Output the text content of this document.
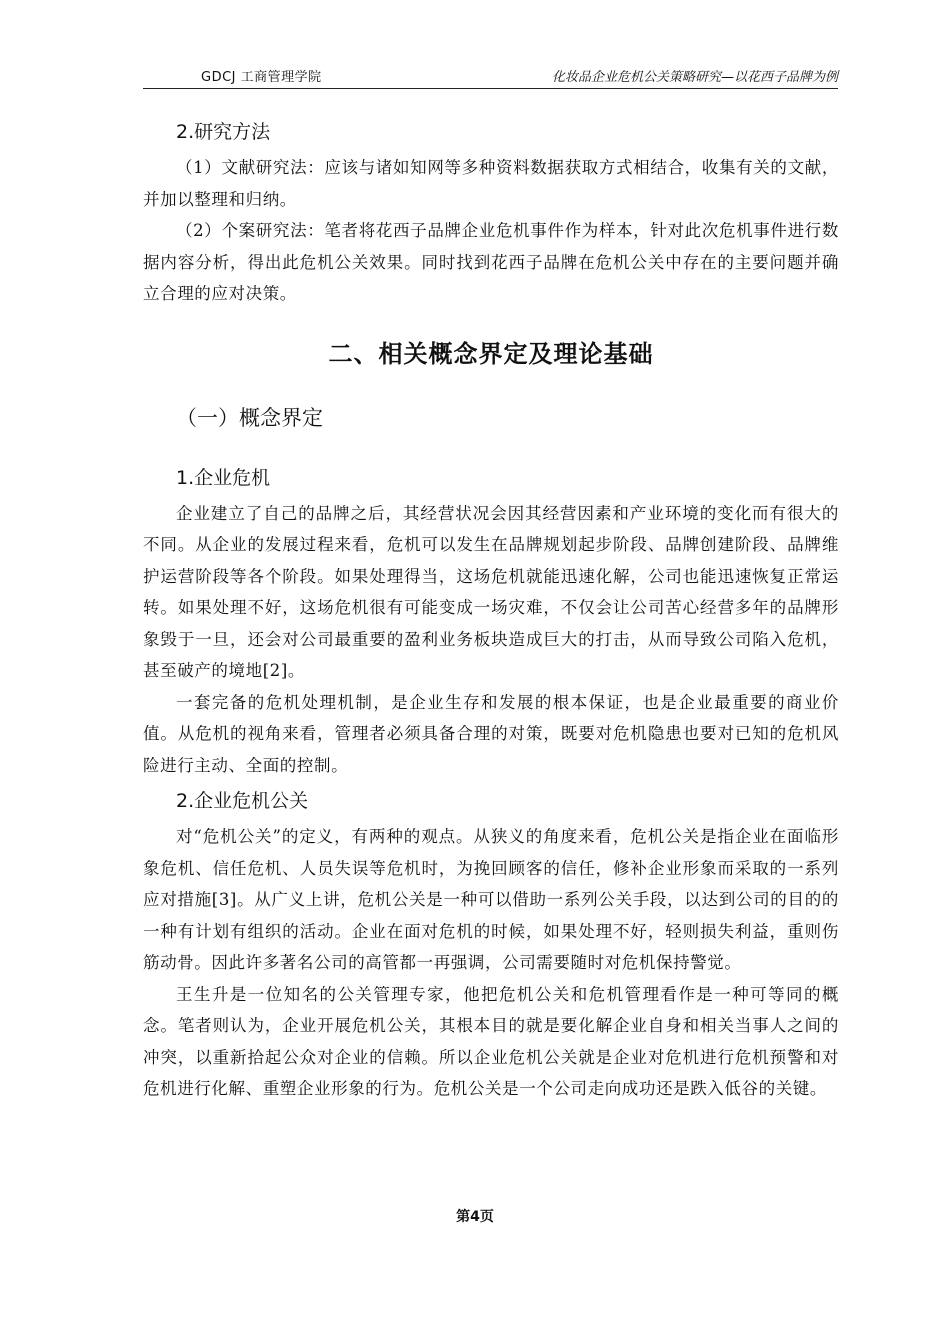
GDCJ 工商管理学院	化妆品企业危机公关策略研究—以花西子品牌为例
2.研究方法

（1）文献研究法：应该与诸如知网等多种资料数据获取方式相结合，收集有关的文献，并加以整理和归纳。

（2）个案研究法：笔者将花西子品牌企业危机事件作为样本，针对此次危机事件进行数据内容分析，得出此危机公关效果。同时找到花西子品牌在危机公关中存在的主要问题并确立合理的应对决策。

二、相关概念界定及理论基础
（一）概念界定
1.企业危机

企业建立了自己的品牌之后，其经营状况会因其经营因素和产业环境的变化而有很大的不同。从企业的发展过程来看，危机可以发生在品牌规划起步阶段、品牌创建阶段、品牌维护运营阶段等各个阶段。如果处理得当，这场危机就能迅速化解，公司也能迅速恢复正常运转。如果处理不好，这场危机很有可能变成一场灾难，不仅会让公司苦心经营多年的品牌形象毁于一旦，还会对公司最重要的盈利业务板块造成巨大的打击，从而导致公司陷入危机，甚至破产的境地[2]。

一套完备的危机处理机制，是企业生存和发展的根本保证，也是企业最重要的商业价值。从危机的视角来看，管理者必须具备合理的对策，既要对危机隐患也要对已知的危机风险进行主动、全面的控制。

2.企业危机公关

对“危机公关”的定义，有两种的观点。从狭义的角度来看，危机公关是指企业在面临形象危机、信任危机、人员失误等危机时，为挽回顾客的信任，修补企业形象而采取的一系列应对措施[3]。从广义上讲，危机公关是一种可以借助一系列公关手段，以达到公司的目的的一种有计划有组织的活动。企业在面对危机的时候，如果处理不好，轻则损失利益，重则伤筋动骨。因此许多著名公司的高管都一再强调，公司需要随时对危机保持警觉。

王生升是一位知名的公关管理专家，他把危机公关和危机管理看作是一种可等同的概念。笔者则认为，企业开展危机公关，其根本目的就是要化解企业自身和相关当事人之间的冲突，以重新拾起公众对企业的信赖。所以企业危机公关就是企业对危机进行危机预警和对危机进行化解、重塑企业形象的行为。危机公关是一个公司走向成功还是跌入低谷的关键。

第4页
